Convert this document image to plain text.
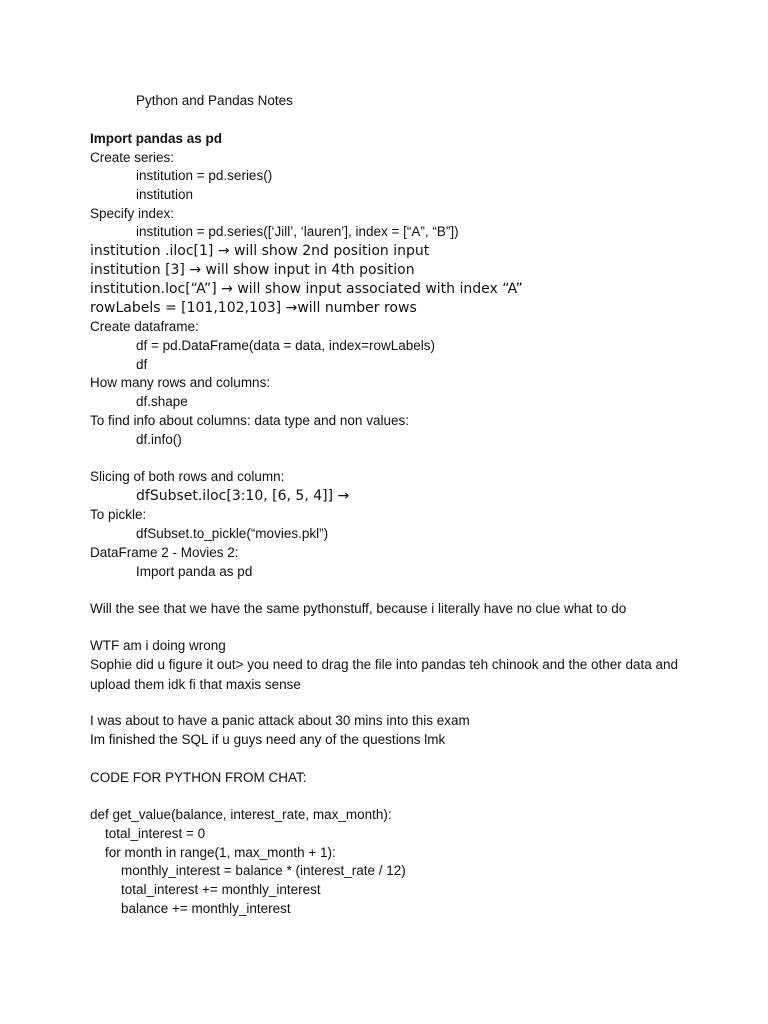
Python and Pandas Notes
Import pandas as pd
Create series:
institution = pd.series()
institution
Specify index:
institution = pd.series([‘Jill’, ‘lauren’], index = [“A”, “B”])
institution .iloc[1] → will show 2nd position input
institution [3] → will show input in 4th position
institution.loc[“A”] → will show input associated with index “A”
rowLabels = [101,102,103] →will number rows
Create dataframe:
df = pd.DataFrame(data = data, index=rowLabels)
df
How many rows and columns:
df.shape
To find info about columns: data type and non values:
df.info()
Slicing of both rows and column:
dfSubset.iloc[3:10, [6, 5, 4]] →
To pickle:
dfSubset.to_pickle(“movies.pkl”)
DataFrame 2 - Movies 2:
Import panda as pd
Will the see that we have the same pythonstuff, because i literally have no clue what to do
WTF am i doing wrong
Sophie did u figure it out> you need to drag the file into pandas teh chinook and the other data and upload them idk fi that maxis sense
I was about to have a panic attack about 30 mins into this exam
Im finished the SQL if u guys need any of the questions lmk
CODE FOR PYTHON FROM CHAT:
def get_value(balance, interest_rate, max_month):
total_interest = 0
for month in range(1, max_month + 1):
monthly_interest = balance * (interest_rate / 12)
total_interest += monthly_interest
balance += monthly_interest
